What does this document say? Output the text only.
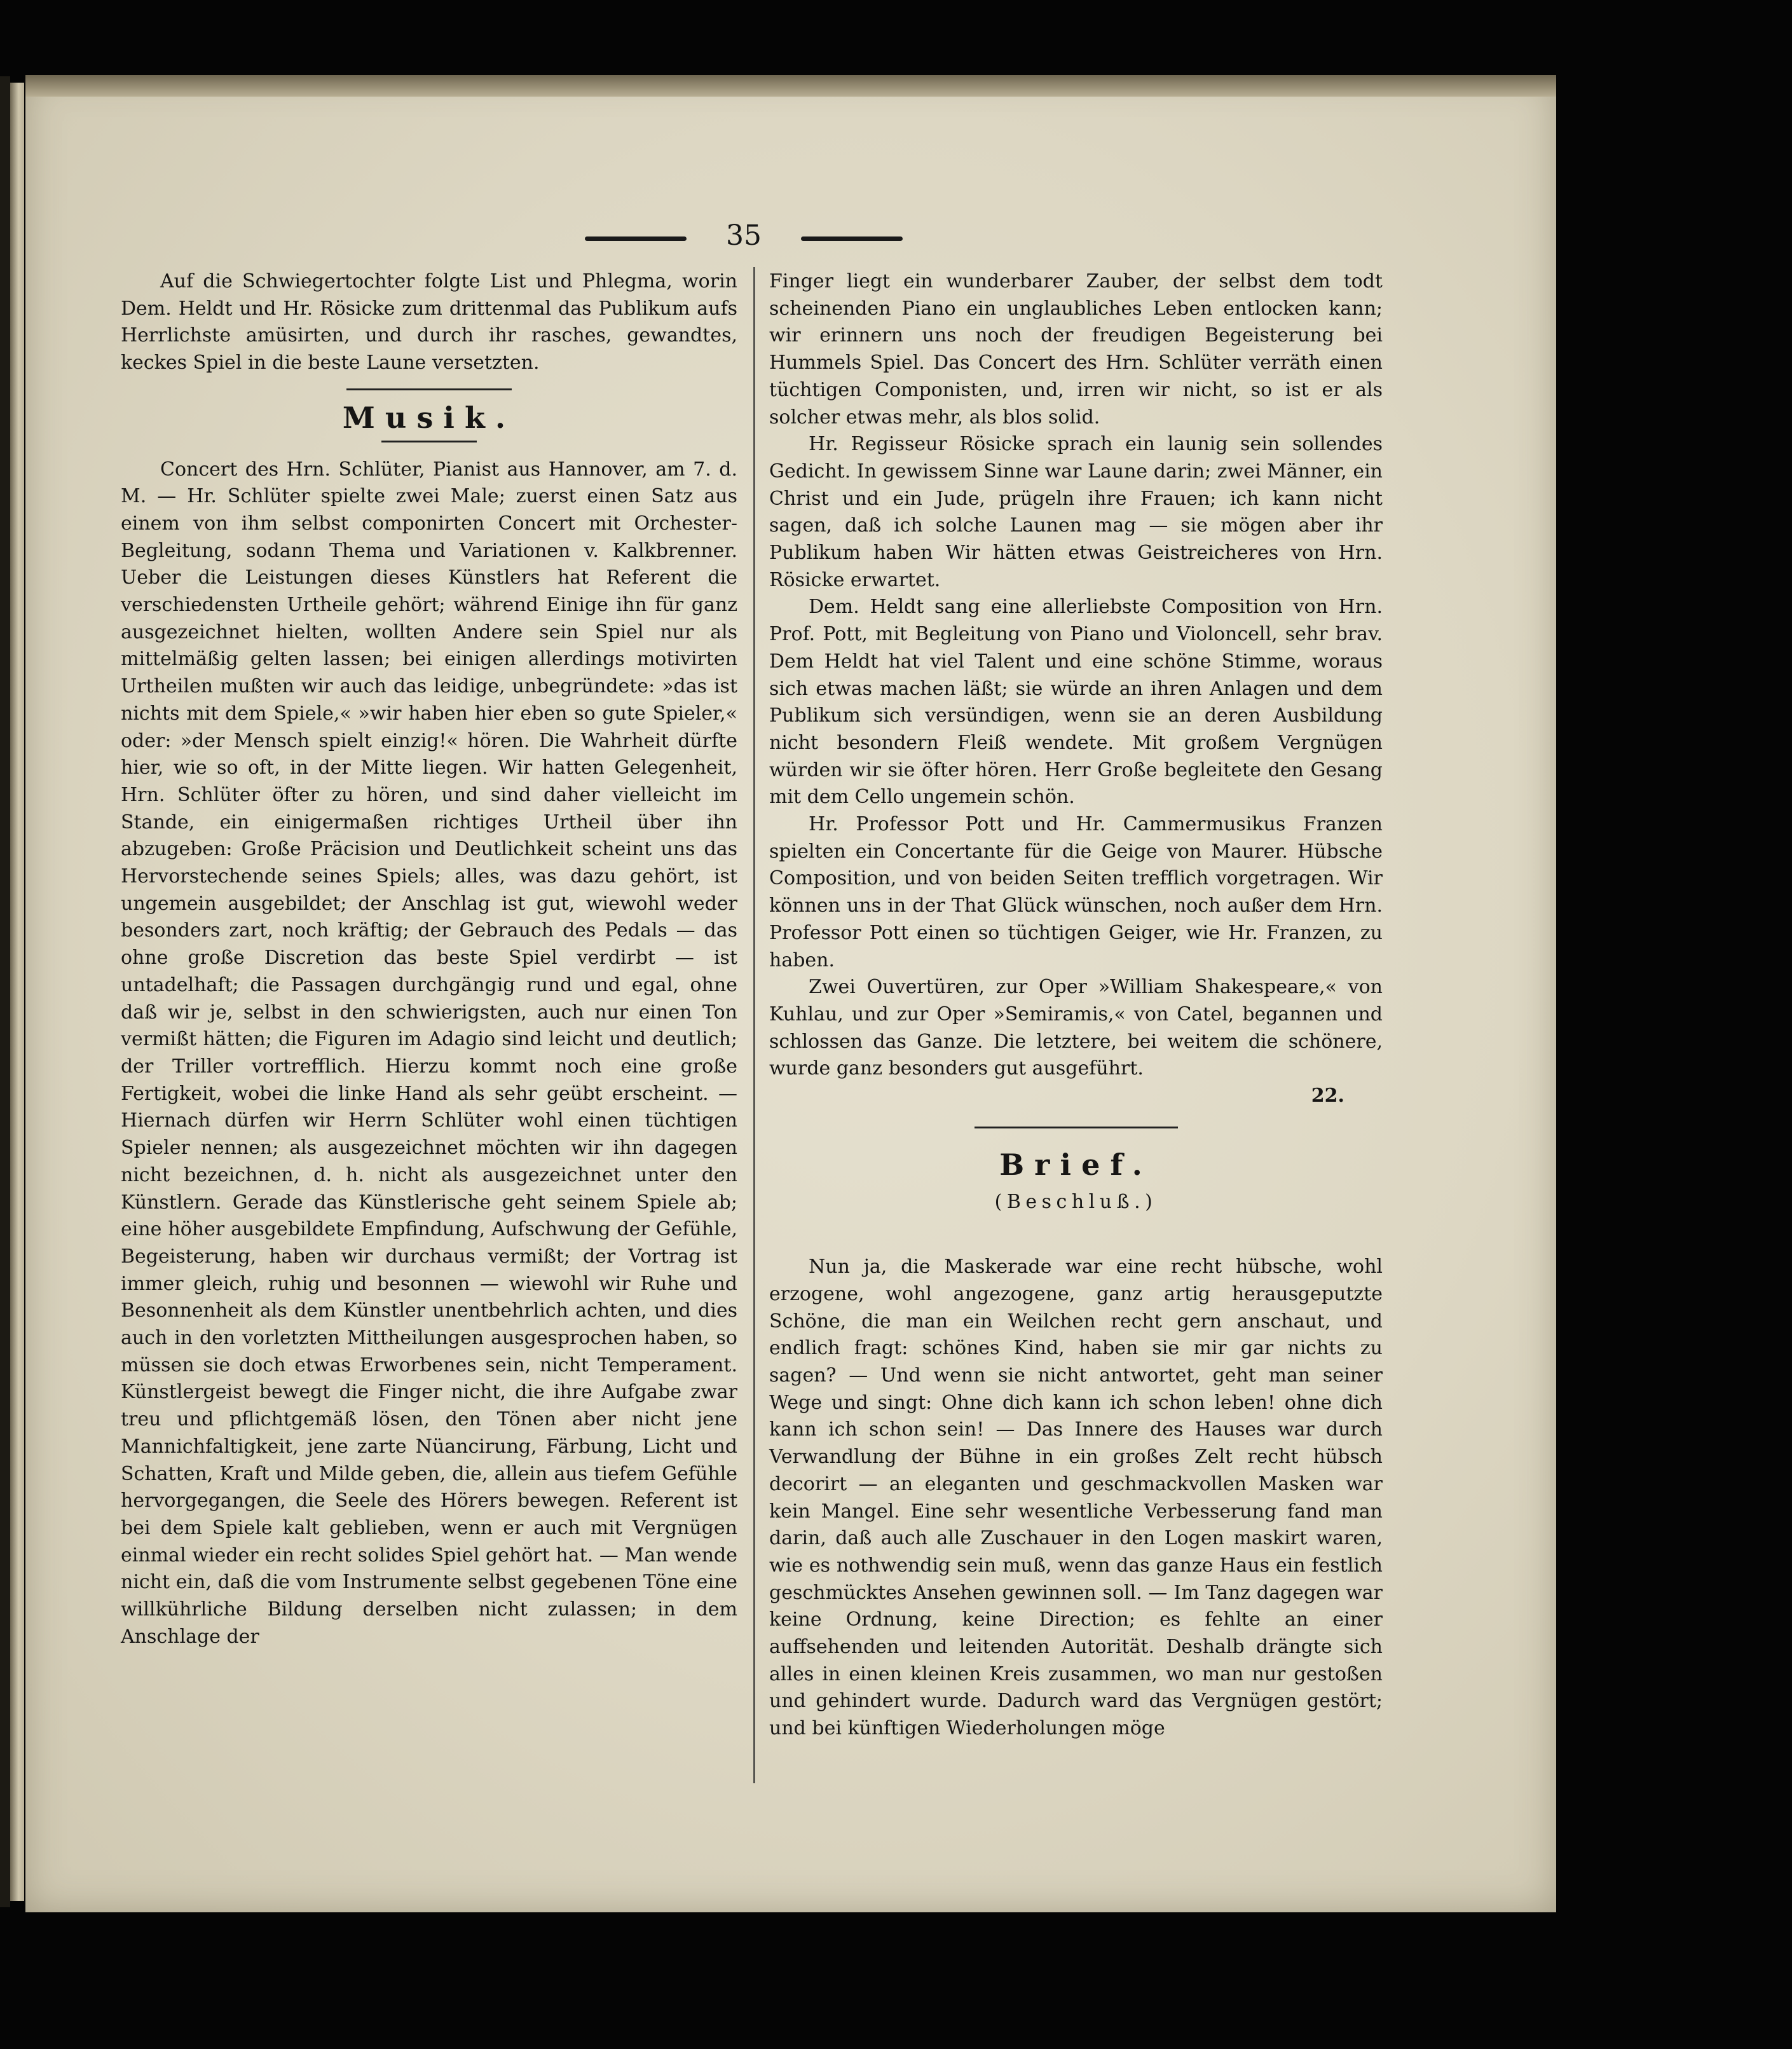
35

Auf die Schwiegertochter folgte List und Phlegma, worin Dem. Heldt und Hr. Rösicke zum drittenmal das Publikum aufs Herrlichste amüsirten, und durch ihr rasches, gewandtes, keckes Spiel in die beste Laune versetzten.

Musik.

Concert des Hrn. Schlüter, Pianist aus Hannover, am 7. d. M. — Hr. Schlüter spielte zwei Male; zuerst einen Satz aus einem von ihm selbst componirten Concert mit Orchester-Begleitung, sodann Thema und Variationen v. Kalkbrenner. Ueber die Leistungen dieses Künstlers hat Referent die verschiedensten Urtheile gehört; während Einige ihn für ganz ausgezeichnet hielten, wollten Andere sein Spiel nur als mittelmäßig gelten lassen; bei einigen allerdings motivirten Urtheilen mußten wir auch das leidige, unbegründete: »das ist nichts mit dem Spiele,« »wir haben hier eben so gute Spieler,« oder: »der Mensch spielt einzig!« hören. Die Wahrheit dürfte hier, wie so oft, in der Mitte liegen. Wir hatten Gelegenheit, Hrn. Schlüter öfter zu hören, und sind daher vielleicht im Stande, ein einigermaßen richtiges Urtheil über ihn abzugeben: Große Präcision und Deutlichkeit scheint uns das Hervorstechende seines Spiels; alles, was dazu gehört, ist ungemein ausgebildet; der Anschlag ist gut, wiewohl weder besonders zart, noch kräftig; der Gebrauch des Pedals — das ohne große Discretion das beste Spiel verdirbt — ist untadelhaft; die Passagen durchgängig rund und egal, ohne daß wir je, selbst in den schwierigsten, auch nur einen Ton vermißt hätten; die Figuren im Adagio sind leicht und deutlich; der Triller vortrefflich. Hierzu kommt noch eine große Fertigkeit, wobei die linke Hand als sehr geübt erscheint. — Hiernach dürfen wir Herrn Schlüter wohl einen tüchtigen Spieler nennen; als ausgezeichnet möchten wir ihn dagegen nicht bezeichnen, d. h. nicht als ausgezeichnet unter den Künstlern. Gerade das Künstlerische geht seinem Spiele ab; eine höher ausgebildete Empfindung, Aufschwung der Gefühle, Begeisterung, haben wir durchaus vermißt; der Vortrag ist immer gleich, ruhig und besonnen — wiewohl wir Ruhe und Besonnenheit als dem Künstler unentbehrlich achten, und dies auch in den vorletzten Mittheilungen ausgesprochen haben, so müssen sie doch etwas Erworbenes sein, nicht Temperament. Künstlergeist bewegt die Finger nicht, die ihre Aufgabe zwar treu und pflichtgemäß lösen, den Tönen aber nicht jene Mannichfaltigkeit, jene zarte Nüancirung, Färbung, Licht und Schatten, Kraft und Milde geben, die, allein aus tiefem Gefühle hervorgegangen, die Seele des Hörers bewegen. Referent ist bei dem Spiele kalt geblieben, wenn er auch mit Vergnügen einmal wieder ein recht solides Spiel gehört hat. — Man wende nicht ein, daß die vom Instrumente selbst gegebenen Töne eine willkührliche Bildung derselben nicht zulassen; in dem Anschlage der

Finger liegt ein wunderbarer Zauber, der selbst dem todt scheinenden Piano ein unglaubliches Leben entlocken kann; wir erinnern uns noch der freudigen Begeisterung bei Hummels Spiel. Das Concert des Hrn. Schlüter verräth einen tüchtigen Componisten, und, irren wir nicht, so ist er als solcher etwas mehr, als blos solid.

Hr. Regisseur Rösicke sprach ein launig sein sollendes Gedicht. In gewissem Sinne war Laune darin; zwei Männer, ein Christ und ein Jude, prügeln ihre Frauen; ich kann nicht sagen, daß ich solche Launen mag — sie mögen aber ihr Publikum haben Wir hätten etwas Geistreicheres von Hrn. Rösicke erwartet.

Dem. Heldt sang eine allerliebste Composition von Hrn. Prof. Pott, mit Begleitung von Piano und Violoncell, sehr brav. Dem Heldt hat viel Talent und eine schöne Stimme, woraus sich etwas machen läßt; sie würde an ihren Anlagen und dem Publikum sich versündigen, wenn sie an deren Ausbildung nicht besondern Fleiß wendete. Mit großem Vergnügen würden wir sie öfter hören. Herr Große begleitete den Gesang mit dem Cello ungemein schön.

Hr. Professor Pott und Hr. Cammermusikus Franzen spielten ein Concertante für die Geige von Maurer. Hübsche Composition, und von beiden Seiten trefflich vorgetragen. Wir können uns in der That Glück wünschen, noch außer dem Hrn. Professor Pott einen so tüchtigen Geiger, wie Hr. Franzen, zu haben.

Zwei Ouvertüren, zur Oper »William Shakespeare,« von Kuhlau, und zur Oper »Semiramis,« von Catel, begannen und schlossen das Ganze. Die letztere, bei weitem die schönere, wurde ganz besonders gut ausgeführt.

22.

Brief.
(Beschluß.)

Nun ja, die Maskerade war eine recht hübsche, wohl erzogene, wohl angezogene, ganz artig herausgeputzte Schöne, die man ein Weilchen recht gern anschaut, und endlich fragt: schönes Kind, haben sie mir gar nichts zu sagen? — Und wenn sie nicht antwortet, geht man seiner Wege und singt: Ohne dich kann ich schon leben! ohne dich kann ich schon sein! — Das Innere des Hauses war durch Verwandlung der Bühne in ein großes Zelt recht hübsch decorirt — an eleganten und geschmackvollen Masken war kein Mangel. Eine sehr wesentliche Verbesserung fand man darin, daß auch alle Zuschauer in den Logen maskirt waren, wie es nothwendig sein muß, wenn das ganze Haus ein festlich geschmücktes Ansehen gewinnen soll. — Im Tanz dagegen war keine Ordnung, keine Direction; es fehlte an einer auffsehenden und leitenden Autorität. Deshalb drängte sich alles in einen kleinen Kreis zusammen, wo man nur gestoßen und gehindert wurde. Dadurch ward das Vergnügen gestört; und bei künftigen Wiederholungen möge
